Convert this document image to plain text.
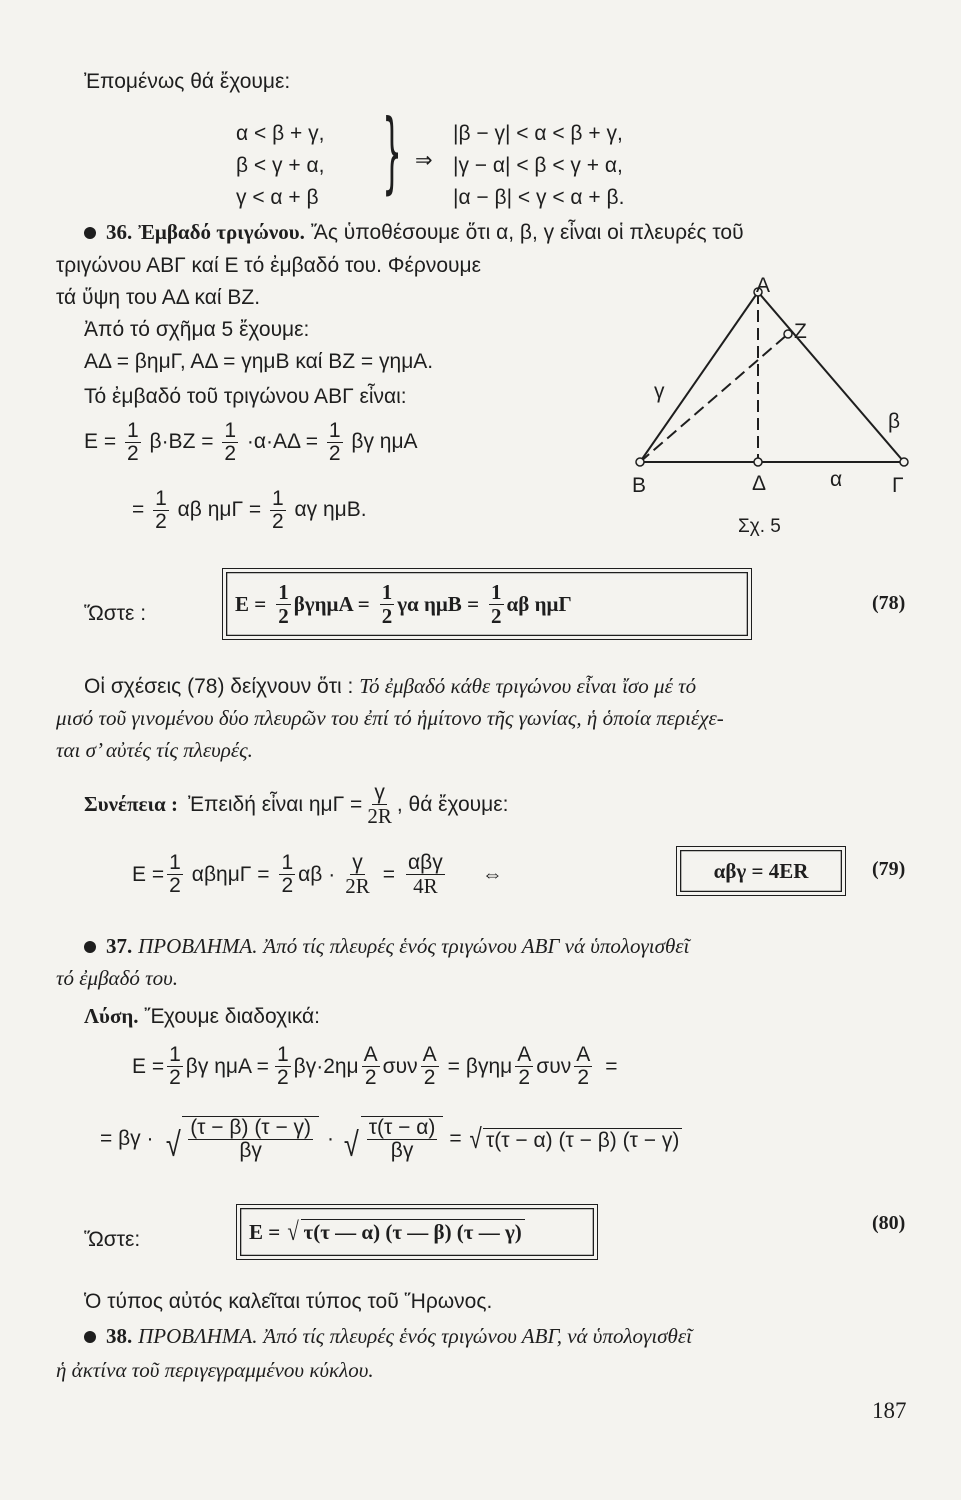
Ἐπομένως θά ἔχουμε:
α < β + γ,
β < γ + α,
γ < α + β } ⇒
|β − γ| < α < β + γ,
|γ − α| < β < γ + α,
|α − β| < γ < α + β.
36. Ἐμβαδό τριγώνου. Ἄς ὑποθέσουμε ὅτι α, β, γ εἶναι οἱ πλευρές τοῦ
τριγώνου ΑΒΓ καί Ε τό ἐμβαδό του. Φέρνουμε
τά ὕψη του ΑΔ καί ΒΖ.
Ἀπό τό σχῆμα 5 ἔχουμε:
ΑΔ = βημΓ, ΑΔ = γημΒ καί ΒΖ = γημΑ.
Τό ἐμβαδό τοῦ τριγώνου ΑΒΓ εἶναι:
$E = \frac{1}{2} \beta\cdot BZ = \frac{1}{2} \cdot\alpha\cdot A\Delta = \frac{1}{2}$ βγ ημΑ
= $\frac{1}{2}$ αβ $\eta\mu\Gamma = \frac{1}{2}$ αγ ημΒ.
Α
Ζ
γ
β
Β	Δ	α Γ
Σχ. 5
Ὥστε :	$E = \frac{1}{2}$ $\beta\gamma\eta\mu A = \frac{1}{2}$ γα $\eta\mu B = \frac{1}{2}$ αβ ημΓ	(78)
Οἱ σχέσεις (78) δείχνουν ὅτι : Τό ἐμβαδό κάθε τριγώνου εἶναι ἴσο μέ τό
μισό τοῦ γινομένου δύο πλευρῶν του ἐπί τό ἡμίτονο τῆς γωνίας, ἡ ὁποία περιέχε-
ται σ’ αὐτές τίς πλευρές.
Συνέπεια : Ἐπειδή εἶναι $\eta\mu\Gamma = \frac{\gamma}{2R}$ , θά ἔχουμε:
$E = \frac{1}{2}$ $\alpha\beta\eta\mu\Gamma = \frac{1}{2}$ $\alpha\beta \cdot \frac{\gamma}{2R} = \frac{\text{αβγ}}{4R}$ ⇔	αβγ = 4ΕR	(79)
37. ΠΡΟΒΛΗΜΑ. Ἀπό τίς πλευρές ἑνός τριγώνου ΑΒΓ νά ὑπολογισθεῖ
τό ἐμβαδό του.
Λύση. Ἔχουμε διαδοχικά:
$E = \frac{1}{2}$ βγ $\eta\mu A = \frac{1}{2} \beta\gamma\cdot 2\eta\mu \frac{A}{2}$ συν $\frac{A}{2} = \beta\gamma\eta\mu \frac{A}{2}$ συν $\frac{A}{2}$ =
= βγ · √ $\frac{(\tau - \beta) (\tau - \gamma)}{\beta\gamma}$ · √ $\frac{\tau(\tau - \alpha)}{\beta\gamma}$ = √ τ(τ − α) (τ − β) (τ − γ)
Ὥστε:	Ε = √ τ(τ — α) (τ — β) (τ — γ)	(80)
Ὁ τύπος αὐτός καλεῖται τύπος τοῦ Ἥρωνος.
38. ΠΡΟΒΛΗΜΑ. Ἀπό τίς πλευρές ἑνός τριγώνου ΑΒΓ, νά ὑπολογισθεῖ
ἡ ἀκτίνα τοῦ περιγεγραμμένου κύκλου.
187
